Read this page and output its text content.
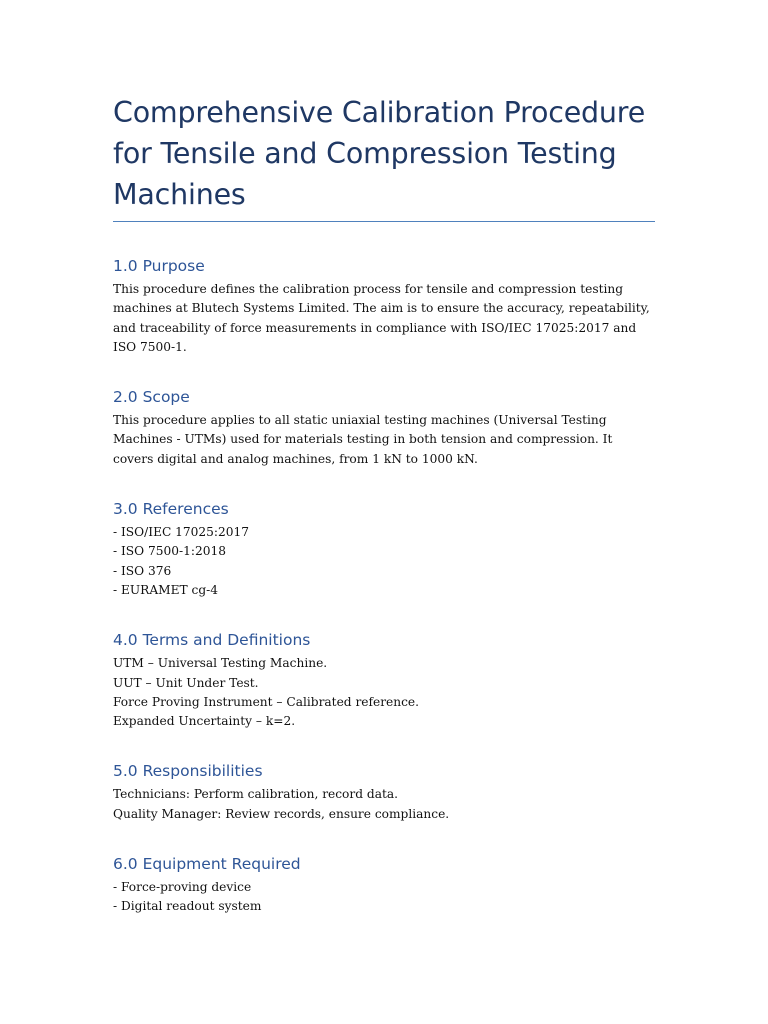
Comprehensive Calibration Procedure for Tensile and Compression Testing Machines
1.0 Purpose

This procedure defines the calibration process for tensile and compression testing machines at Blutech Systems Limited. The aim is to ensure the accuracy, repeatability, and traceability of force measurements in compliance with ISO/IEC 17025:2017 and ISO 7500-1.

2.0 Scope

This procedure applies to all static uniaxial testing machines (Universal Testing Machines - UTMs) used for materials testing in both tension and compression. It covers digital and analog machines, from 1 kN to 1000 kN.

3.0 References
- ISO/IEC 17025:2017
- ISO 7500-1:2018
- ISO 376
- EURAMET cg-4
4.0 Terms and Definitions
UTM – Universal Testing Machine.
UUT – Unit Under Test.
Force Proving Instrument – Calibrated reference.
Expanded Uncertainty – k=2.
5.0 Responsibilities
Technicians: Perform calibration, record data.
Quality Manager: Review records, ensure compliance.
6.0 Equipment Required
- Force-proving device
- Digital readout system
